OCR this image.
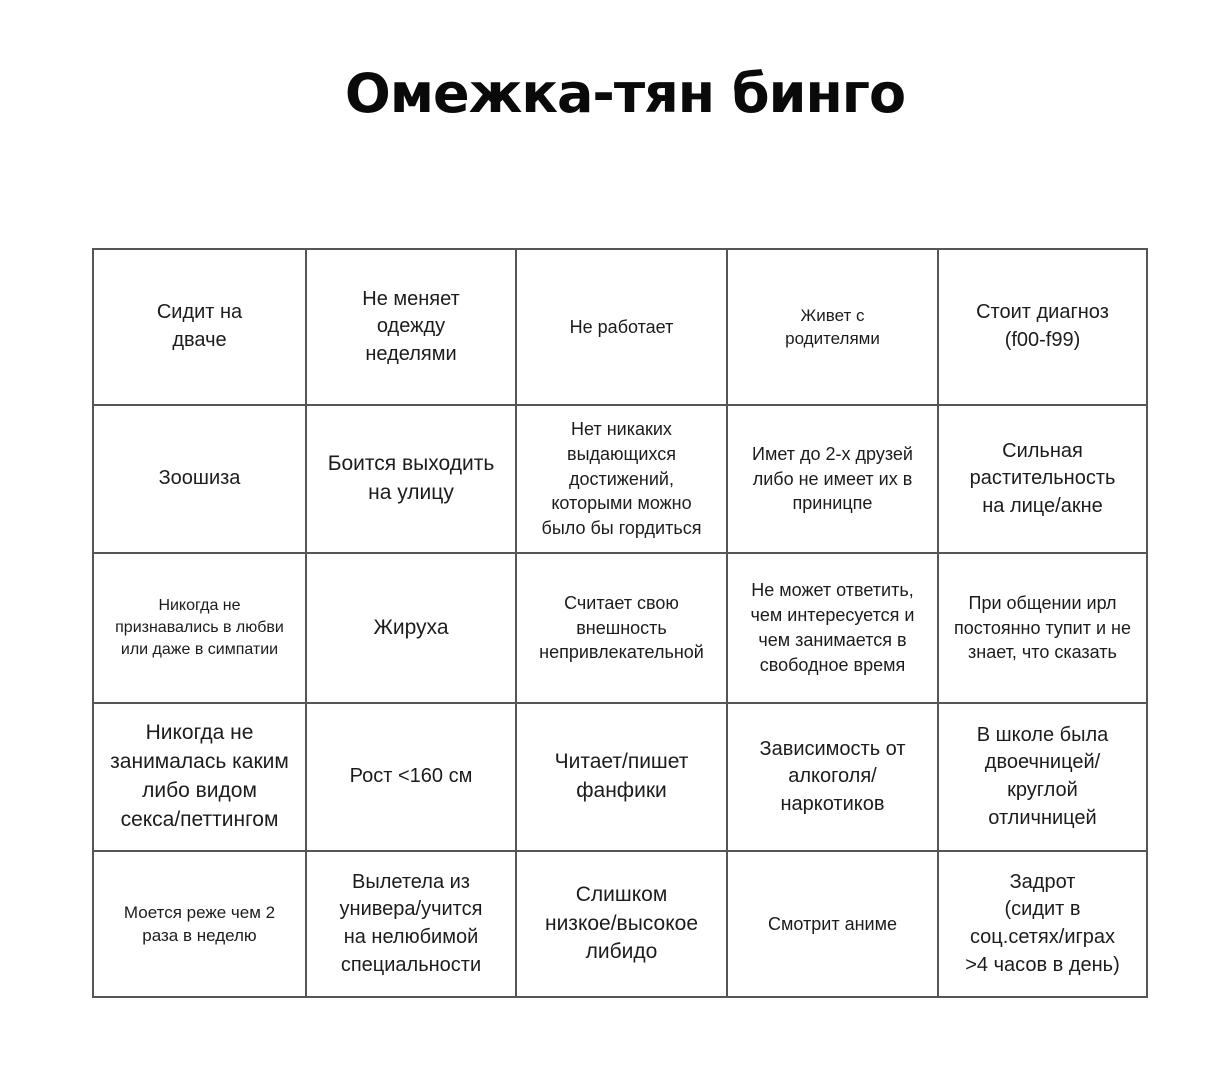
Омежка-тян бинго
Сидит на
дваче
Не меняет
одежду
неделями
Не работает
Живет с
родителями
Стоит диагноз
(f00-f99)
Зоошиза
Боится выходить
на улицу
Нет никаких
выдающихся
достижений,
которыми можно
было бы гордиться
Имет до 2-х друзей
либо не имеет их в
приницпе
Сильная
растительность
на лице/акне
Никогда не
признавались в любви
или даже в симпатии
Жируха
Считает свою
внешность
непривлекательной
Не может ответить,
чем интересуется и
чем занимается в
свободное время
При общении ирл
постоянно тупит и не
знает, что сказать
Никогда не
занималась каким
либо видом
секса/петтингом
Рост <160 см
Читает/пишет
фанфики
Зависимость от
алкоголя/
наркотиков
В школе была
двоечницей/
круглой
отличницей
Моется реже чем 2
раза в неделю
Вылетела из
универа/учится
на нелюбимой
специальности
Слишком
низкое/высокое
либидо
Смотрит аниме
Задрот
(сидит в
соц.сетях/играх
>4 часов в день)
